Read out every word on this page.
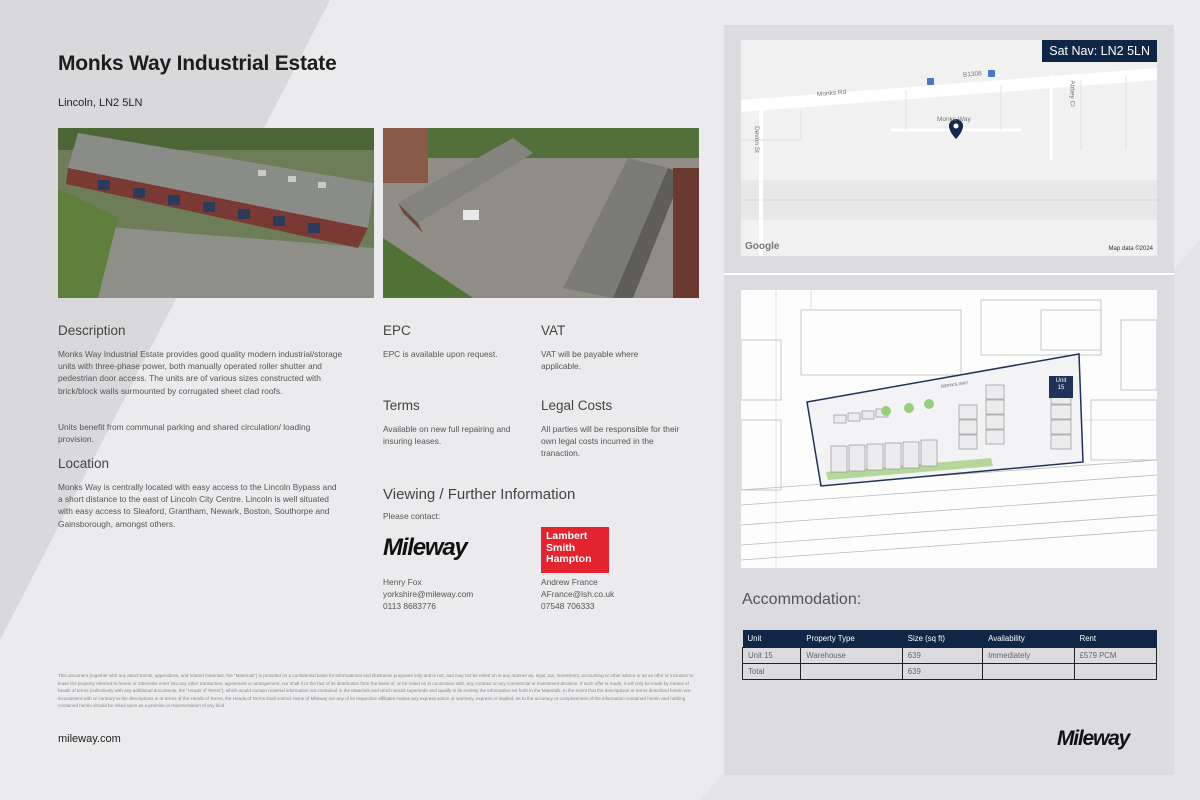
Monks Way Industrial Estate
Lincoln, LN2 5LN
Description
Monks Way Industrial Estate provides good quality modern industrial/storage units with three-phase power, both manually operated roller shutter and pedestrian door access. The units are of various sizes constructed with brick/block walls surmounted by corrugated sheet clad roofs.
Units benefit from communal parking and shared circulation/ loading provision.
Location
Monks Way is centrally located with easy access to the Lincoln Bypass and a short distance to the east of Lincoln City Centre. Lincoln is well situated with easy access to Sleaford, Grantham, Newark, Boston, Southorpe and Gainsborough, amongst others.
EPC
EPC is available upon request.
VAT
VAT will be payable where applicable.
Terms
Available on new full repairing and insuring leases.
Legal Costs
All parties will be responsible for their own legal costs incurred in the tranaction.
Viewing / Further Information
Please contact:
Mileway	Lambert
Smith
Hampton
Henry Fox
yorkshire@mileway.com
0113 8683776
Andrew France
AFrance@lsh.co.uk
07548 706333
This document (together with any attachments, appendices, and related materials, the "Materials") is provided on a confidential basis for informational and illustrative purposes only and is not, and may not be relied on in any manner as, legal, tax, investment, accounting or other advice or as an offer or inclusion to lease the property referred to herein or otherwise enter into any other transaction, agreement or arrangement, nor shall it or the fact of its distribution form the basis of, or be relied on in connection with, any contract or any commercial or investment decision. If such offer is made, it will only be made by means of heads of terms (collectively with any additional documents, the "Heads of Terms"), which would contain material information not contained in the Materials and which would supersede and qualify in its entirety the information set forth in the Materials. In the event that the descriptions or terms described herein are inconsistent with or contrary to the descriptions in or terms of the Heads of Terms, the Heads of Terms shall control. None of Mileway nor any of its respective affiliates makes any express action or warranty, express or implied, as to the accuracy or completeness of the information contained herein and nothing contained herein should be relied upon as a promise or representation of any kind.
mileway.com
Sat Nav: LN2 5LN
Monks Rd
B1308
Monks Way
Devon St
Abbey Cl
Google	Map data ©2024
Unit
15
MONKS WAY
Accommodation:
Unit	Property Type	Size (sq ft)	Availability	Rent
Unit 15	Warehouse	639	Immediately	£579 PCM
Total		639		
Mileway
